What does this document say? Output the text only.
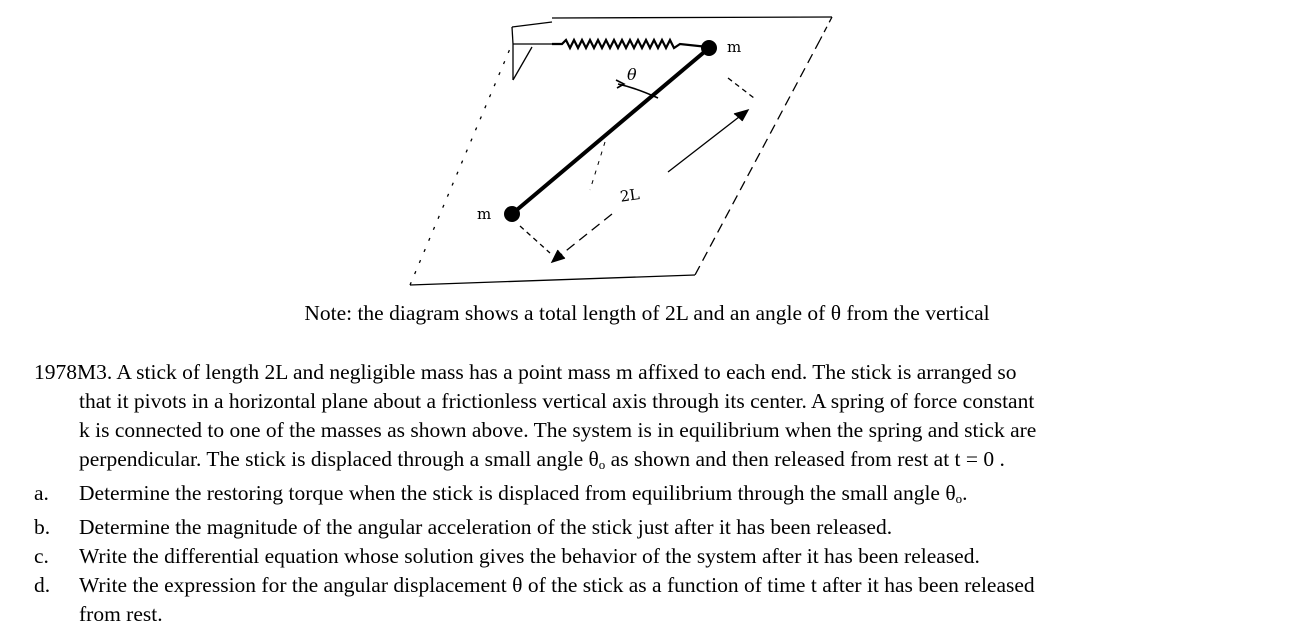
m
m
θ
2L
Note: the diagram shows a total length of 2L and an angle of θ from the vertical
1978M3. A stick of length 2L and negligible mass has a point mass m affixed to each end. The stick is arranged so
that it pivots in a horizontal plane about a frictionless vertical axis through its center. A spring of force constant
k is connected to one of the masses as shown above. The system is in equilibrium when the spring and stick are
perpendicular. The stick is displaced through a small angle $\theta_o$ as shown and then released from rest at t = 0 .
a. Determine the restoring torque when the stick is displaced from equilibrium through the small angle $\theta_o$.
b. Determine the magnitude of the angular acceleration of the stick just after it has been released.
c. Write the differential equation whose solution gives the behavior of the system after it has been released.
d. Write the expression for the angular displacement θ of the stick as a function of time t after it has been released
from rest.
